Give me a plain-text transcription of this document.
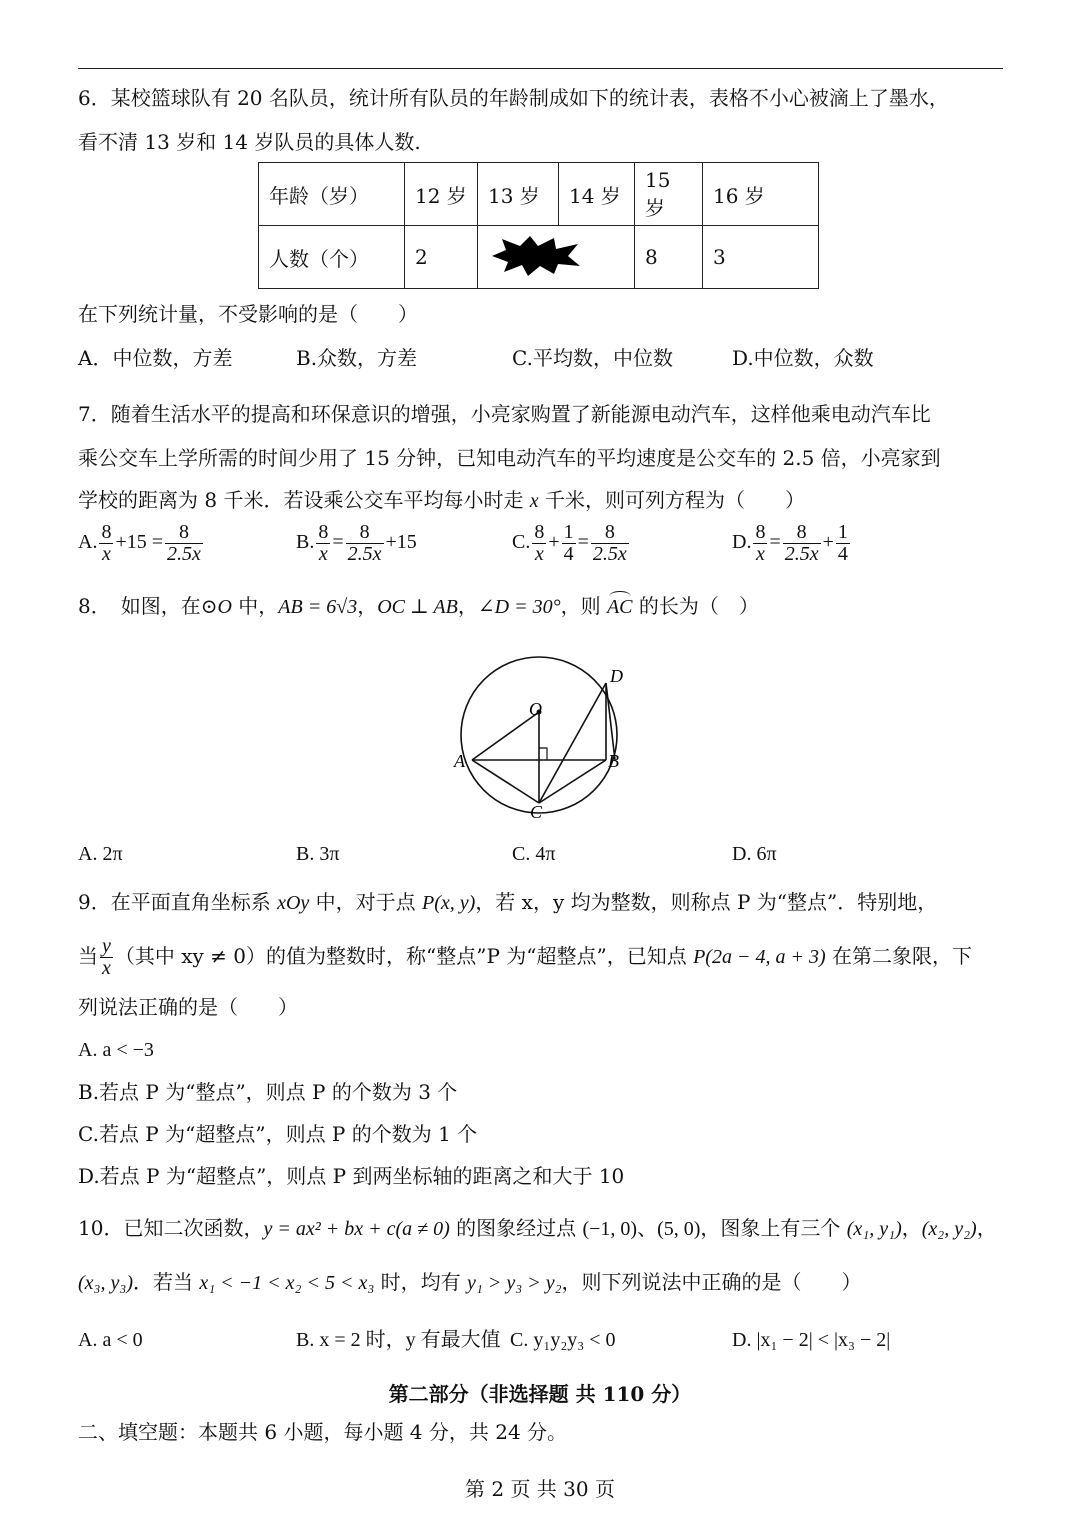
6．某校篮球队有 20 名队员，统计所有队员的年龄制成如下的统计表，表格不小心被滴上了墨水，
看不清 13 岁和 14 岁队员的具体人数.
年龄（岁）	12 岁	13 岁	14 岁	15 岁	16 岁
人数（个）	2			8	3
在下列统计量，不受影响的是（　　）
A．中位数，方差	B.众数，方差	C.平均数，中位数	D.中位数，众数
7．随着生活水平的提高和环保意识的增强，小亮家购置了新能源电动汽车，这样他乘电动汽车比
乘公交车上学所需的时间少用了 15 分钟，已知电动汽车的平均速度是公交车的 2.5 倍，小亮家到
学校的距离为 8 千米．若设乘公交车平均每小时走 x 千米，则可列方程为（　　）
A. $\frac{8}{x} +15 = \frac{8}{2.5x}$	B. $\frac{8}{x} = \frac{8}{2.5x} +15$	C. $\frac{8}{x} + \frac{1}{4} = \frac{8}{2.5x}$	D. $\frac{8}{x} = \frac{8}{2.5x} + \frac{1}{4}$
8．　如图，在⊙O 中，AB = 6√3，OC ⊥ AB，∠D = 30°，则 AC 的长为（　）
O
A	B
C
D
A. 2π	B. 3π	C. 4π	D. 6π
9．在平面直角坐标系 xOy 中，对于点 P(x, y)，若 x，y 均为整数，则称点 P 为“整点”．特别地，
当 $\frac{y}{x}$ （其中 xy ≠ 0）的值为整数时，称“整点”P 为“超整点”，已知点 P(2a − 4, a + 3) 在第二象限，下
列说法正确的是（　　）
A. a < −3
B.若点 P 为“整点”，则点 P 的个数为 3 个
C.若点 P 为“超整点”，则点 P 的个数为 1 个
D.若点 P 为“超整点”，则点 P 到两坐标轴的距离之和大于 10
10．已知二次函数，y = ax² + bx + c(a ≠ 0) 的图象经过点 (−1, 0)、(5, 0)，图象上有三个 (x₁, y₁)，(x₂, y₂)，
(x₃, y₃)．若当 x₁ < −1 < x₂ < 5 < x₃ 时，均有 y₁ > y₃ > y₂，则下列说法中正确的是（　　）
A. a < 0	B. x = 2 时，y 有最大值 C. y₁y₂y₃ < 0	D. |x₁ − 2| < |x₃ − 2|
第二部分（非选择题 共 110 分）
二、填空题：本题共 6 小题，每小题 4 分，共 24 分。
第 2 页 共 30 页
